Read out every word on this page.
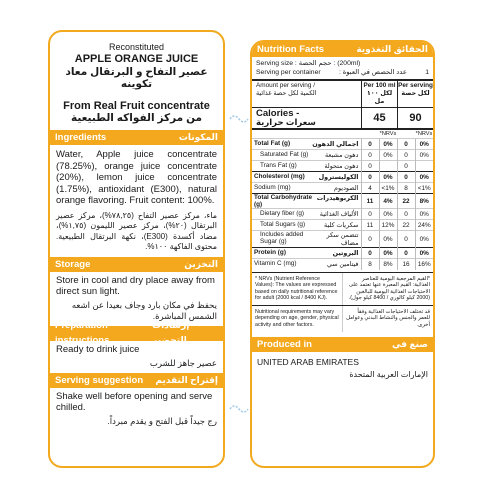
Reconstituted
APPLE ORANGE JUICE
عصير التفاح و البرتقال معاد تكوينه
From Real Fruit concentrate
من مركز الفواكه الطبيعية
Ingredients	المكونات
Water, Apple juice concentrate (78.25%), orange juice concentrate (20%), lemon juice concentrate (1.75%), antioxidant (E300), natural orange flavoring. Fruit content: 100%.
ماء، مركز عصير التفاح (٧٨,٢٥%)، مركز عصير البرتقال (٢٠%)، مركز عصير الليمون (١,٧٥%)، مضاد أكسدة (E300)، نكهة البرتقال الطبيعية. محتوى الفاكهة ١٠٠%.
Storage	التخزين
Store in cool and dry place away from direct sun light.
يحفظ في مكان بارد وجاف بعيدا عن اشعه الشمس المباشرة.
Preparation instructions
إرشادات التحضير
Ready to drink juice
عصير جاهز للشرب
Serving suggestion إقتراح التقديم
Shake well before opening and serve chilled.
رج جيداً قبل الفتح و يقدم مبرداً.
Nutrition Facts	الحقائق التغذوية
Serving size : حجم الحصة : (200ml)
Serving per container	عدد الحصص في العبوة :	1
Amount per serving /
الكمية لكل حصة غذائية
Per 100 ml
لكل ١٠٠ مل
Per serving
لكل حصة
Calories -
سعرات حرارية	45	90
*NRVs	*NRVs
Total Fat (g) اجمالي الدهون	0	0%	0	0%

Saturated Fat (g) دهون مشبعة	0	0%	0	0%

Trans Fat (g) دهون متحولة	0		0	

Cholesterol (mg) الكوليسترول	0	0%	0	0%

Sodium (mg) الصوديوم	4	<1%	8	<1%

Total Carbohydrate (g)
الكربوهيدرات	11	4%	22	8%

Dietary fiber (g) الألياف الغذائية	0	0%	0	0%

Total Sugars (g) سكريات كلية	11	12%	22	24%

Includes added Sugar (g)
تتضمن سكر مضاف	0	0%	0	0%

Protein (g) البروتين	0	0%	0	0%

Vitamin C (mg) فيتامين سي	8	8%	16	16%
* NRVs (Nutrient Reference Values): The values are expressed based on daily nutritional reference for adult (2000 kcal / 8400 KJ).
*القيم المرجعية اليومية للعناصر الغذائية: القيم المعبرة عنها تعتمد على الاحتياجات الغذائية اليومية للبالغين (2000 كيلو كالوري / 8400 كيلو جول).
Nutritional requirements may vary depending on age, gender, physical activity and other factors.
قد تختلف الاحتياجات الغذائية وفقاً للعمر والجنس والنشاط البدني وعوامل أخرى.
Produced in	صنع في
UNITED ARAB EMIRATES
الإمارات العربية المتحدة
